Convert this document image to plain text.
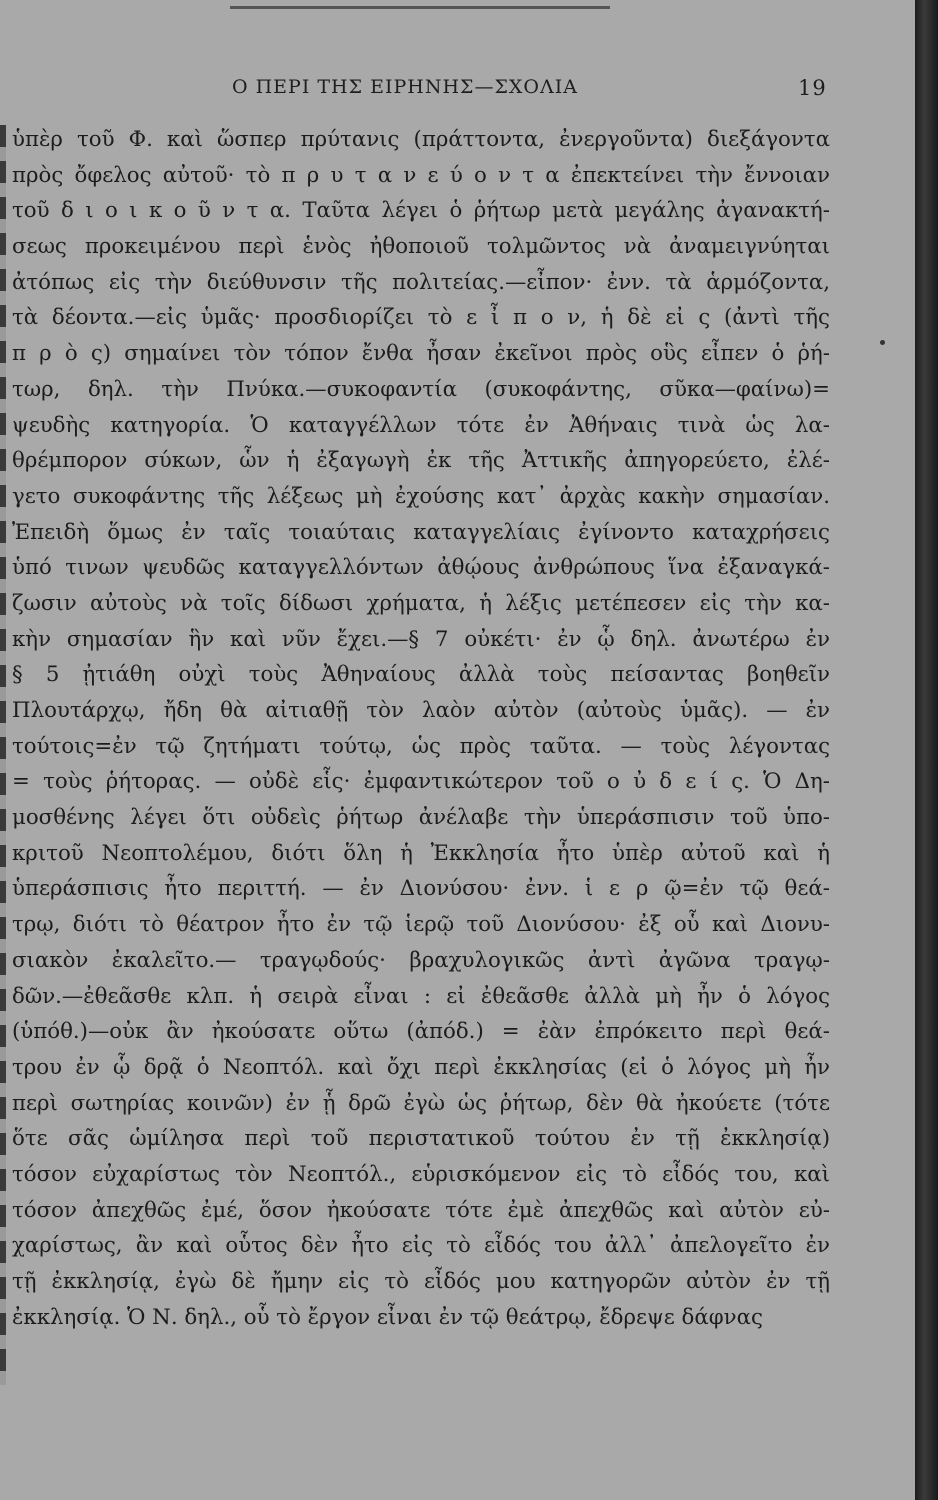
Ο ΠΕΡΙ ΤΗΣ ΕΙΡΗΝΗΣ—ΣΧΟΛΙΑ	19
ὑπὲρ τοῦ Φ. καὶ ὥσπερ πρύτανις (πράττοντα, ἐνεργοῦντα) διεξάγοντα
πρὸς ὄφελος αὐτοῦ· τὸ π ρ υ τ α ν ε ύ ο ν τ α ἐπεκτείνει τὴν ἔννοιαν
τοῦ δ ι ο ι κ ο ῦ ν τ α. Ταῦτα λέγει ὁ ῥήτωρ μετὰ μεγάλης ἀγανακτή-
σεως προκειμένου περὶ ἑνὸς ἠθοποιοῦ τολμῶντος νὰ ἀναμειγνύηται
ἀτόπως εἰς τὴν διεύθυνσιν τῆς πολιτείας.—εἶπον· ἐνν. τὰ ἁρμόζοντα,
τὰ δέοντα.—εἰς ὑμᾶς· προσδιορίζει τὸ ε ἶ π ο ν, ἡ δὲ εἰ ς (ἀντὶ τῆς
π ρ ὸ ς) σημαίνει τὸν τόπον ἔνθα ἦσαν ἐκεῖνοι πρὸς οὓς εἶπεν ὁ ῥή-
τωρ, δηλ. τὴν Πνύκα.—συκοφαντία (συκοφάντης, σῦκα—φαίνω)=
ψευδὴς κατηγορία. Ὁ καταγγέλλων τότε ἐν Ἀθήναις τινὰ ὡς λα-
θρέμπορον σύκων, ὧν ἡ ἐξαγωγὴ ἐκ τῆς Ἀττικῆς ἀπηγορεύετο, ἐλέ-
γετο συκοφάντης τῆς λέξεως μὴ ἐχούσης κατ᾿ ἀρχὰς κακὴν σημασίαν.
Ἐπειδὴ ὅμως ἐν ταῖς τοιαύταις καταγγελίαις ἐγίνοντο καταχρήσεις
ὑπό τινων ψευδῶς καταγγελλόντων ἀθῴους ἀνθρώπους ἵνα ἐξαναγκά-
ζωσιν αὐτοὺς νὰ τοῖς δίδωσι χρήματα, ἡ λέξις μετέπεσεν εἰς τὴν κα-
κὴν σημασίαν ἣν καὶ νῦν ἔχει.—§ 7 οὐκέτι· ἐν ᾧ δηλ. ἀνωτέρω ἐν
§ 5 ᾐτιάθη οὐχὶ τοὺς Ἀθηναίους ἀλλὰ τοὺς πείσαντας βοηθεῖν
Πλουτάρχῳ, ἤδη θὰ αἰτιαθῇ τὸν λαὸν αὐτὸν (αὐτοὺς ὑμᾶς). — ἐν
τούτοις=ἐν τῷ ζητήματι τούτῳ, ὡς πρὸς ταῦτα. — τοὺς λέγοντας
= τοὺς ῥήτορας. — οὐδὲ εἷς· ἐμφαντικώτερον τοῦ ο ὐ δ ε ί ς. Ὁ Δη-
μοσθένης λέγει ὅτι οὐδεὶς ῥήτωρ ἀνέλαβε τὴν ὑπεράσπισιν τοῦ ὑπο-
κριτοῦ Νεοπτολέμου, διότι ὅλη ἡ Ἐκκλησία ἦτο ὑπὲρ αὐτοῦ καὶ ἡ
ὑπεράσπισις ἦτο περιττή. — ἐν Διονύσου· ἐνν. ἱ ε ρ ῷ=ἐν τῷ θεά-
τρῳ, διότι τὸ θέατρον ἦτο ἐν τῷ ἱερῷ τοῦ Διονύσου· ἐξ οὗ καὶ Διονυ-
σιακὸν ἐκαλεῖτο.— τραγῳδούς· βραχυλογικῶς ἀντὶ ἀγῶνα τραγῳ-
δῶν.—ἐθεᾶσθε κλπ. ἡ σειρὰ εἶναι : εἰ ἐθεᾶσθε ἀλλὰ μὴ ἦν ὁ λόγος
(ὑπόθ.)—οὐκ ἂν ἠκούσατε οὕτω (ἀπόδ.) = ἐὰν ἐπρόκειτο περὶ θεά-
τρου ἐν ᾧ δρᾷ ὁ Νεοπτόλ. καὶ ὄχι περὶ ἐκκλησίας (εἰ ὁ λόγος μὴ ἦν
περὶ σωτηρίας κοινῶν) ἐν ᾗ δρῶ ἐγὼ ὡς ῥήτωρ, δὲν θὰ ἠκούετε (τότε
ὅτε σᾶς ὡμίλησα περὶ τοῦ περιστατικοῦ τούτου ἐν τῇ ἐκκλησίᾳ)
τόσον εὐχαρίστως τὸν Νεοπτόλ., εὑρισκόμενον εἰς τὸ εἶδός του, καὶ
τόσον ἀπεχθῶς ἐμέ, ὅσον ἠκούσατε τότε ἐμὲ ἀπεχθῶς καὶ αὐτὸν εὐ-
χαρίστως, ἂν καὶ οὗτος δὲν ἦτο εἰς τὸ εἶδός του ἀλλ᾿ ἀπελογεῖτο ἐν
τῇ ἐκκλησίᾳ, ἐγὼ δὲ ἤμην εἰς τὸ εἶδός μου κατηγορῶν αὐτὸν ἐν τῇ
ἐκκλησίᾳ. Ὁ Ν. δηλ., οὗ τὸ ἔργον εἶναι ἐν τῷ θεάτρῳ, ἔδρεψε δάφνας
